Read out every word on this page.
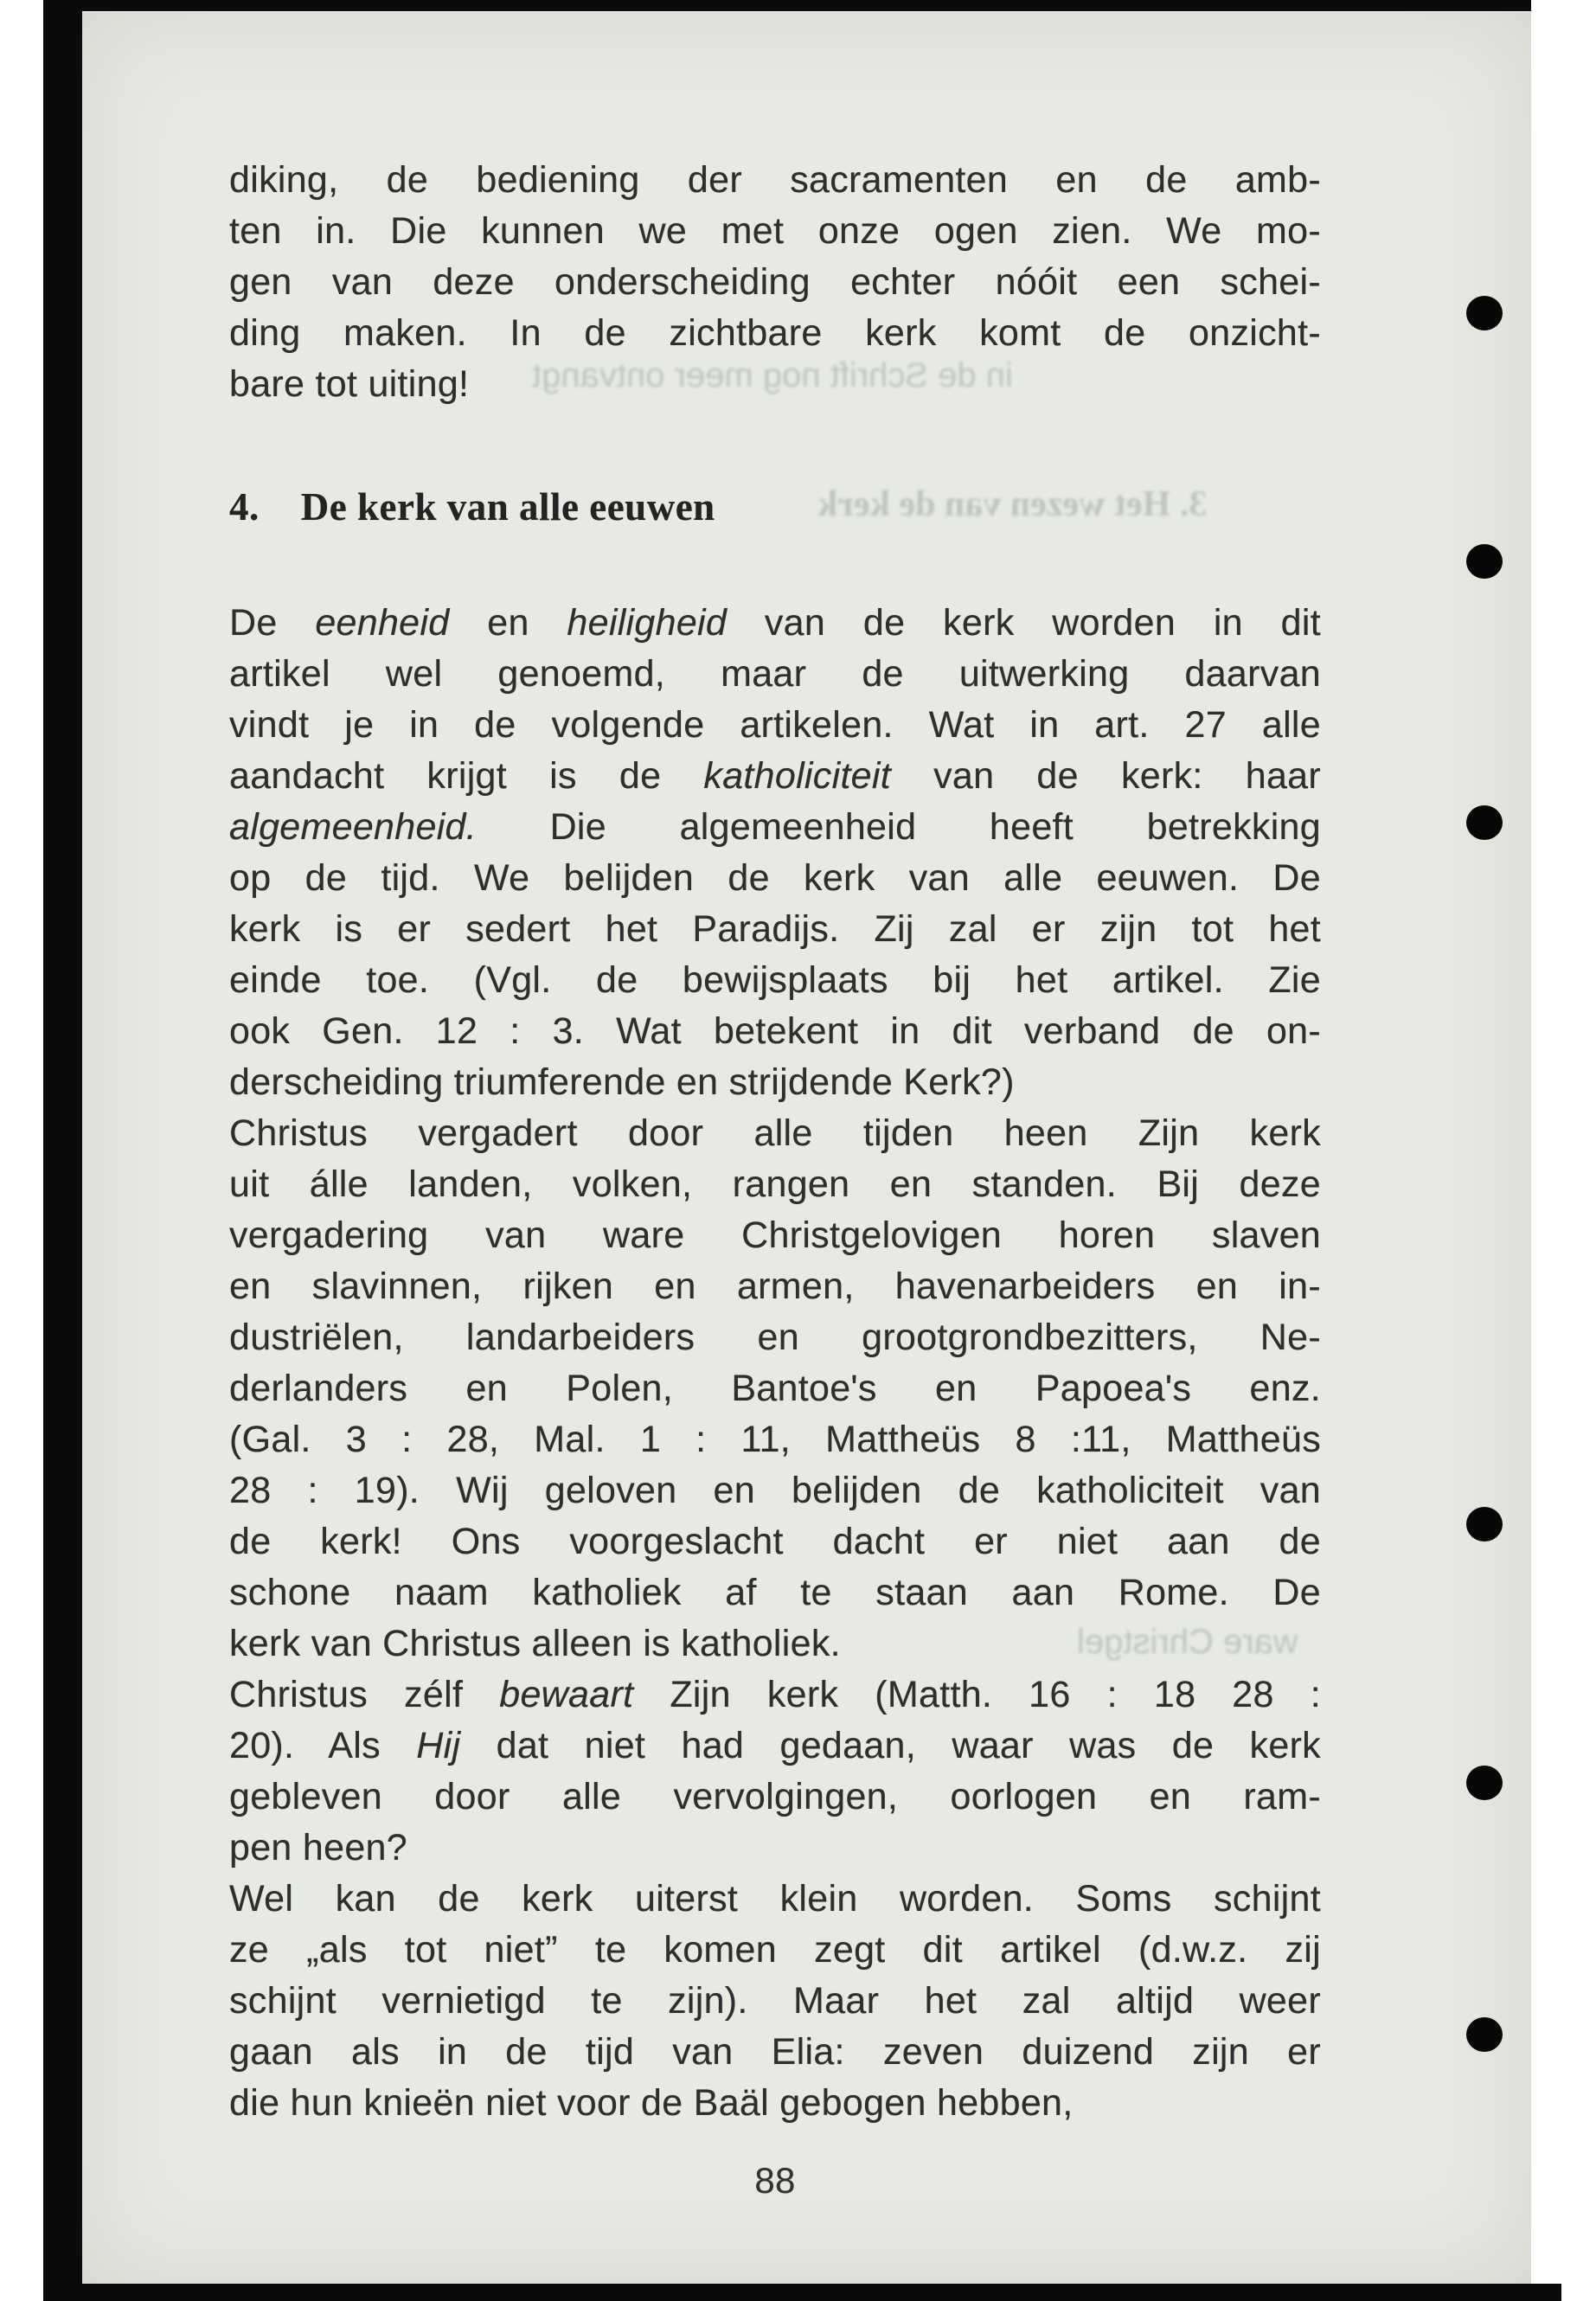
in de Schrift nog meer ontvangt
3. Het wezen van de kerk
ware Christgel
diking, de bediening der sacramenten en de amb-
ten in. Die kunnen we met onze ogen zien. We mo-
gen van deze onderscheiding echter nóóit een schei-
ding maken. In de zichtbare kerk komt de onzicht-
bare tot uiting!
4. De kerk van alle eeuwen
De eenheid en heiligheid van de kerk worden in dit
artikel wel genoemd, maar de uitwerking daarvan
vindt je in de volgende artikelen. Wat in art. 27 alle
aandacht krijgt is de katholiciteit van de kerk: haar
algemeenheid. Die algemeenheid heeft betrekking
op de tijd. We belijden de kerk van alle eeuwen. De
kerk is er sedert het Paradijs. Zij zal er zijn tot het
einde toe. (Vgl. de bewijsplaats bij het artikel. Zie
ook Gen. 12 : 3. Wat betekent in dit verband de on-
derscheiding triumferende en strijdende Kerk?)
Christus vergadert door alle tijden heen Zijn kerk
uit álle landen, volken, rangen en standen. Bij deze
vergadering van ware Christgelovigen horen slaven
en slavinnen, rijken en armen, havenarbeiders en in-
dustriëlen, landarbeiders en grootgrondbezitters, Ne-
derlanders en Polen, Bantoe's en Papoea's enz.
(Gal. 3 : 28, Mal. 1 : 11, Mattheüs 8 :11, Mattheüs
28 : 19). Wij geloven en belijden de katholiciteit van
de kerk! Ons voorgeslacht dacht er niet aan de
schone naam katholiek af te staan aan Rome. De
kerk van Christus alleen is katholiek.
Christus zélf bewaart Zijn kerk (Matth. 16 : 18 28 :
20). Als Hij dat niet had gedaan, waar was de kerk
gebleven door alle vervolgingen, oorlogen en ram-
pen heen?
Wel kan de kerk uiterst klein worden. Soms schijnt
ze „als tot niet” te komen zegt dit artikel (d.w.z. zij
schijnt vernietigd te zijn). Maar het zal altijd weer
gaan als in de tijd van Elia: zeven duizend zijn er
die hun knieën niet voor de Baäl gebogen hebben,
88
